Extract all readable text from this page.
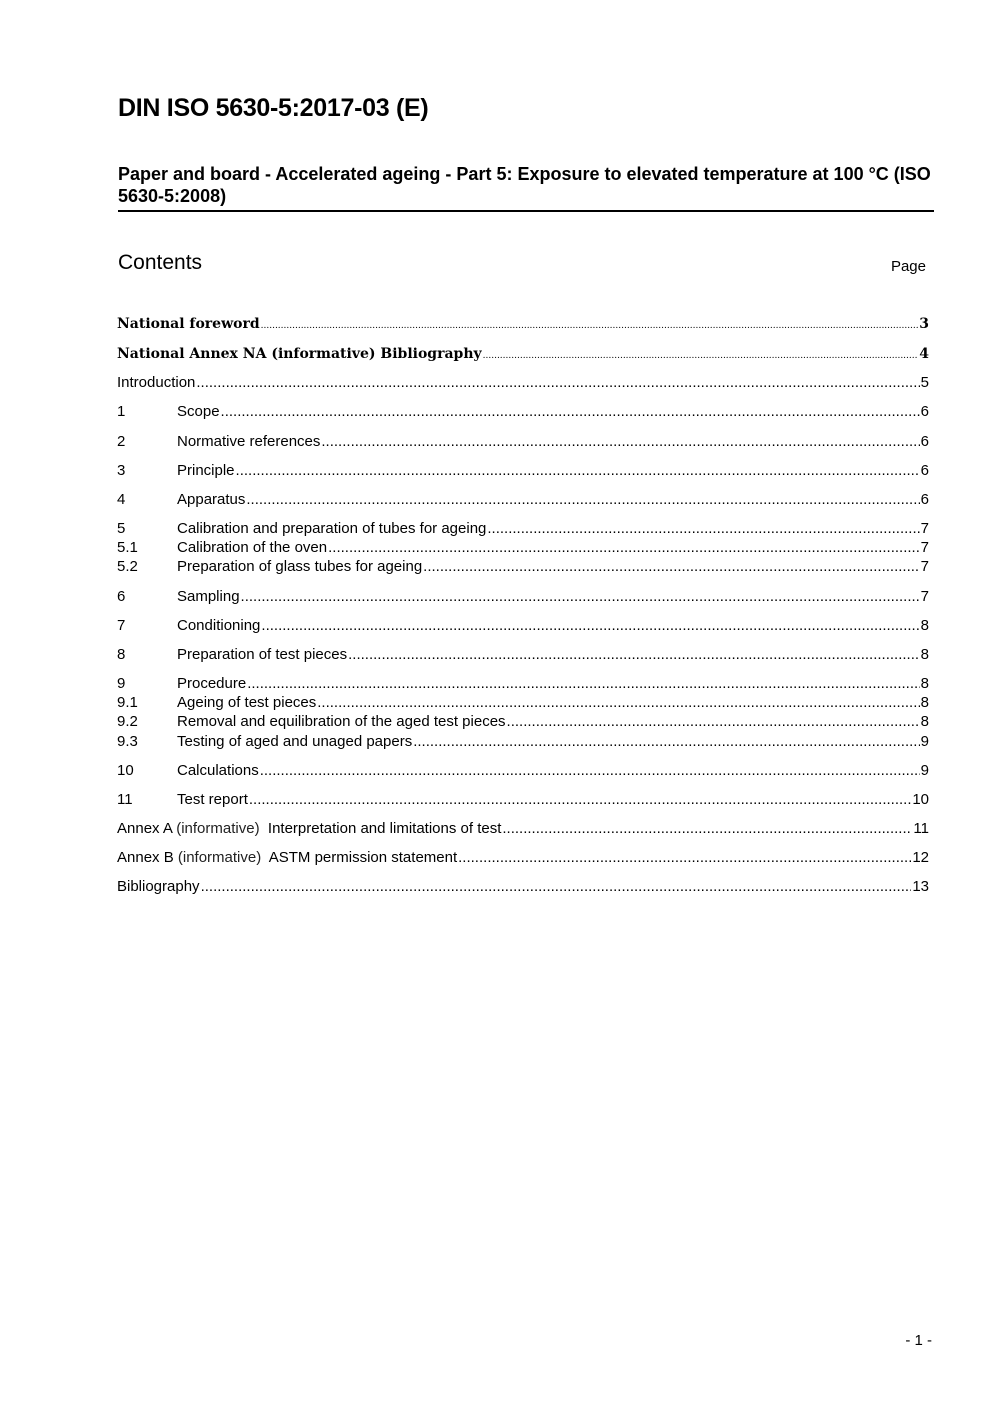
DIN ISO 5630-5:2017-03 (E)

Paper and board - Accelerated ageing - Part 5: Exposure to elevated temperature at 100 °C (ISO 5630-5:2008)

Contents	Page
National foreword .....	3
National Annex NA (informative) Bibliography .....	4
Introduction .....	5
1	Scope .....	6
2	Normative references .....	6
3	Principle .....	6
4	Apparatus .....	6
5	Calibration and preparation of tubes for ageing .....	7
5.1	Calibration of the oven .....	7
5.2	Preparation of glass tubes for ageing .....	7
6	Sampling .....	7
7	Conditioning .....	8
8	Preparation of test pieces .....	8
9	Procedure .....	8
9.1	Ageing of test pieces .....	8
9.2	Removal and equilibration of the aged test pieces .....	8
9.3	Testing of aged and unaged papers .....	9
10	Calculations .....	9
11	Test report .....	10
Annex A (informative)  Interpretation and limitations of test .....	11
Annex B (informative)  ASTM permission statement .....	12
Bibliography .....	13
- 1 -
